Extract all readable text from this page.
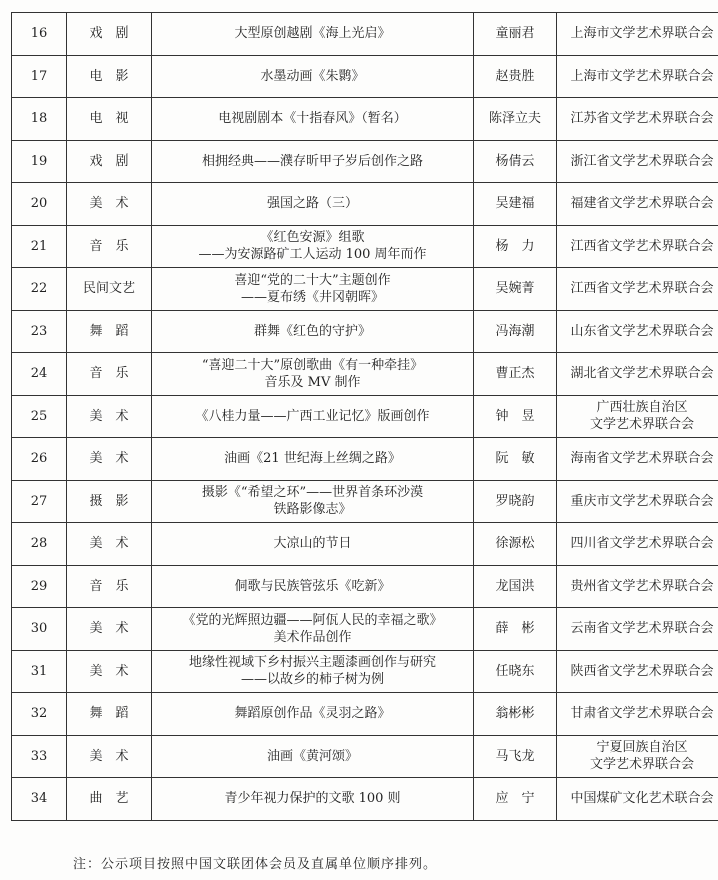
16	戏　剧	大型原创越剧《海上光启》	童丽君	上海市文学艺术界联合会

17	电　影	水墨动画《朱鹮》	赵贵胜	上海市文学艺术界联合会

18	电　视	电视剧剧本《十指春风》（暂名）	陈泽立夫	江苏省文学艺术界联合会

19	戏　剧	相拥经典——濮存昕甲子岁后创作之路	杨倩云	浙江省文学艺术界联合会

20	美　术	强国之路（三）	吴建福	福建省文学艺术界联合会

21	音　乐	《红色安源》组歌
——为安源路矿工人运动 100 周年而作	杨　力	江西省文学艺术界联合会

22	民间文艺	喜迎“党的二十大”主题创作
——夏布绣《井冈朝晖》	吴婉菁	江西省文学艺术界联合会

23	舞　蹈	群舞《红色的守护》	冯海潮	山东省文学艺术界联合会

24	音　乐	“喜迎二十大”原创歌曲《有一种牵挂》
音乐及 MV 制作	曹正杰	湖北省文学艺术界联合会

25	美　术	《八桂力量——广西工业记忆》版画创作	钟　昱	广西壮族自治区
文学艺术界联合会

26	美　术	油画《21 世纪海上丝绸之路》	阮　敏	海南省文学艺术界联合会

27	摄　影	摄影《“希望之环”——世界首条环沙漠
铁路影像志》	罗晓韵	重庆市文学艺术界联合会

28	美　术	大凉山的节日	徐源松	四川省文学艺术界联合会

29	音　乐	侗歌与民族管弦乐《吃新》	龙国洪	贵州省文学艺术界联合会

30	美　术	《党的光辉照边疆——阿佤人民的幸福之歌》
美术作品创作	薛　彬	云南省文学艺术界联合会

31	美　术	地缘性视域下乡村振兴主题漆画创作与研究
——以故乡的柿子树为例	任晓东	陕西省文学艺术界联合会

32	舞　蹈	舞蹈原创作品《灵羽之路》	翁彬彬	甘肃省文学艺术界联合会

33	美　术	油画《黄河颂》	马飞龙	宁夏回族自治区
文学艺术界联合会

34	曲　艺	青少年视力保护的文歌 100 则	应　宁	中国煤矿文化艺术联合会
注：公示项目按照中国文联团体会员及直属单位顺序排列。
